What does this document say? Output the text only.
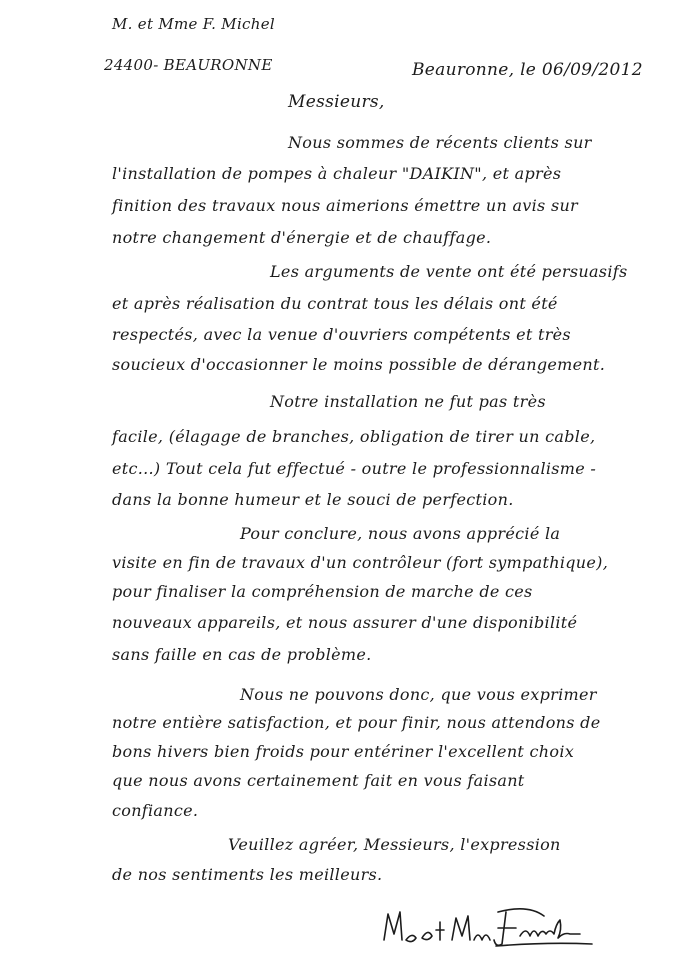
M. et Mme F. Michel
24400- BEAURONNE	Beauronne, le 06/09/2012
Messieurs,
Nous sommes de récents clients sur
l'installation de pompes à chaleur "DAIKIN", et après
finition des travaux nous aimerions émettre un avis sur
notre changement d'énergie et de chauffage.
Les arguments de vente ont été persuasifs
et après réalisation du contrat tous les délais ont été
respectés, avec la venue d'ouvriers compétents et très
soucieux d'occasionner le moins possible de dérangement.
Notre installation ne fut pas très
facile, (élagage de branches, obligation de tirer un cable,
etc...) Tout cela fut effectué - outre le professionnalisme -
dans la bonne humeur et le souci de perfection.
Pour conclure, nous avons apprécié la
visite en fin de travaux d'un contrôleur (fort sympathique),
pour finaliser la compréhension de marche de ces
nouveaux appareils, et nous assurer d'une disponibilité
sans faille en cas de problème.
Nous ne pouvons donc, que vous exprimer
notre entière satisfaction, et pour finir, nous attendons de
bons hivers bien froids pour entériner l'excellent choix
que nous avons certainement fait en vous faisant
confiance.
Veuillez agréer, Messieurs, l'expression
de nos sentiments les meilleurs.
